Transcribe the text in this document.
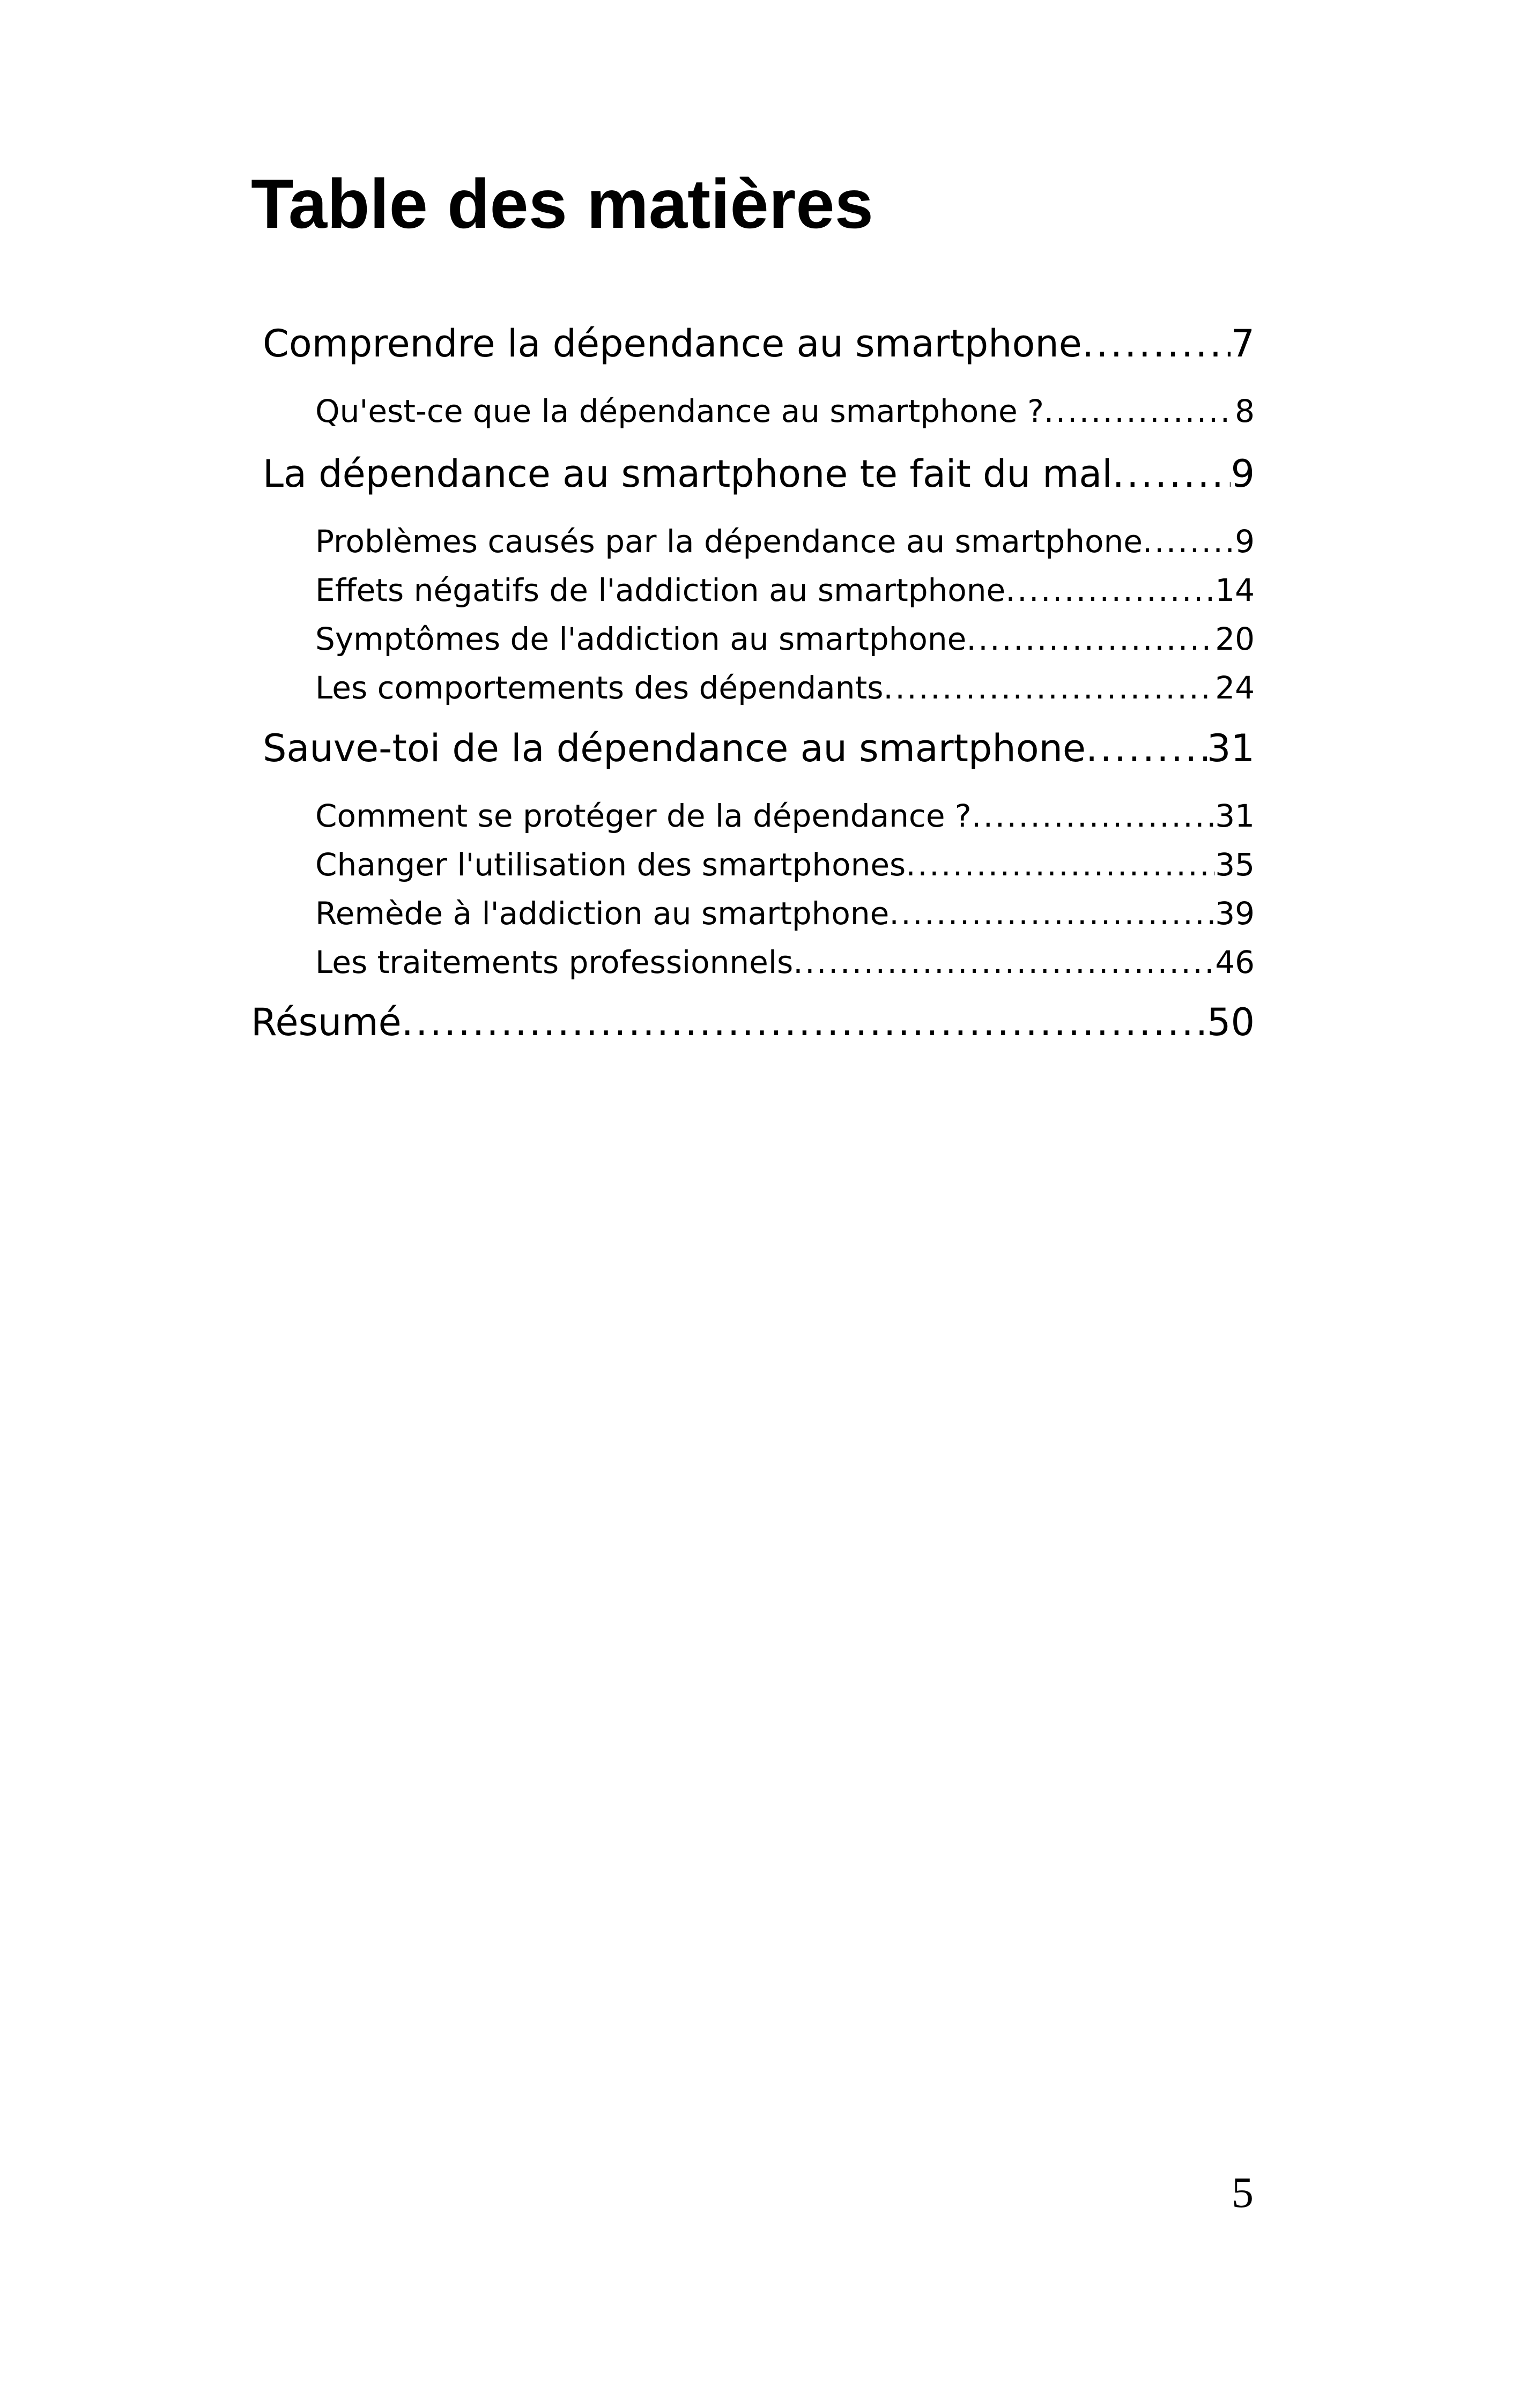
Table des matières
Comprendre la dépendance au smartphone .....	7
Qu'est-ce que la dépendance au smartphone ? .....	8
La dépendance au smartphone te fait du mal .....	9
Problèmes causés par la dépendance au smartphone .....	9
Effets négatifs de l'addiction au smartphone .....	14
Symptômes de l'addiction au smartphone .....	20
Les comportements des dépendants .....	24
Sauve-toi de la dépendance au smartphone .....	31
Comment se protéger de la dépendance ? .....	31
Changer l'utilisation des smartphones .....	35
Remède à l'addiction au smartphone .....	39
Les traitements professionnels .....	46
Résumé .....	50
5
